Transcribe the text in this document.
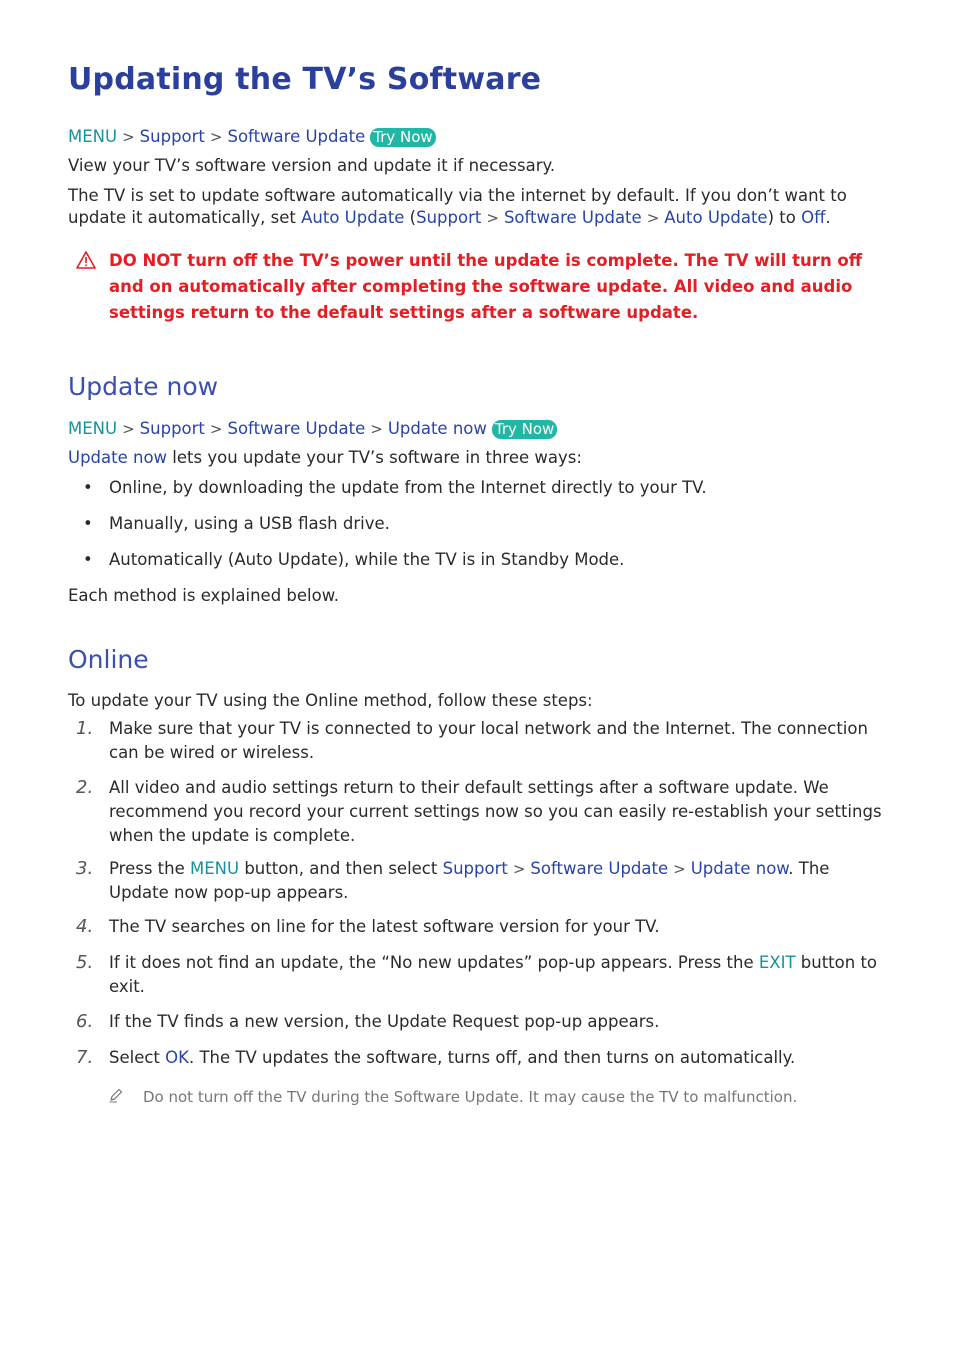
Updating the TV’s Software
MENU > Support > Software Update Try Now
View your TV’s software version and update it if necessary.
The TV is set to update software automatically via the internet by default. If you don’t want to update it automatically, set Auto Update (Support > Software Update > Auto Update) to Off.
DO NOT turn off the TV’s power until the update is complete. The TV will turn off and on automatically after completing the software update. All video and audio settings return to the default settings after a software update.
Update now
MENU > Support > Software Update > Update now Try Now
Update now lets you update your TV’s software in three ways:
• Online, by downloading the update from the Internet directly to your TV.
• Manually, using a USB flash drive.
• Automatically (Auto Update), while the TV is in Standby Mode.
Each method is explained below.
Online
To update your TV using the Online method, follow these steps:
1. Make sure that your TV is connected to your local network and the Internet. The connection can be wired or wireless.
2. All video and audio settings return to their default settings after a software update. We recommend you record your current settings now so you can easily re-establish your settings when the update is complete.
3. Press the MENU button, and then select Support > Software Update > Update now. The Update now pop-up appears.
4. The TV searches on line for the latest software version for your TV.
5. If it does not find an update, the “No new updates” pop-up appears. Press the EXIT button to exit.
6. If the TV finds a new version, the Update Request pop-up appears.
7. Select OK. The TV updates the software, turns off, and then turns on automatically.
Do not turn off the TV during the Software Update. It may cause the TV to malfunction.
